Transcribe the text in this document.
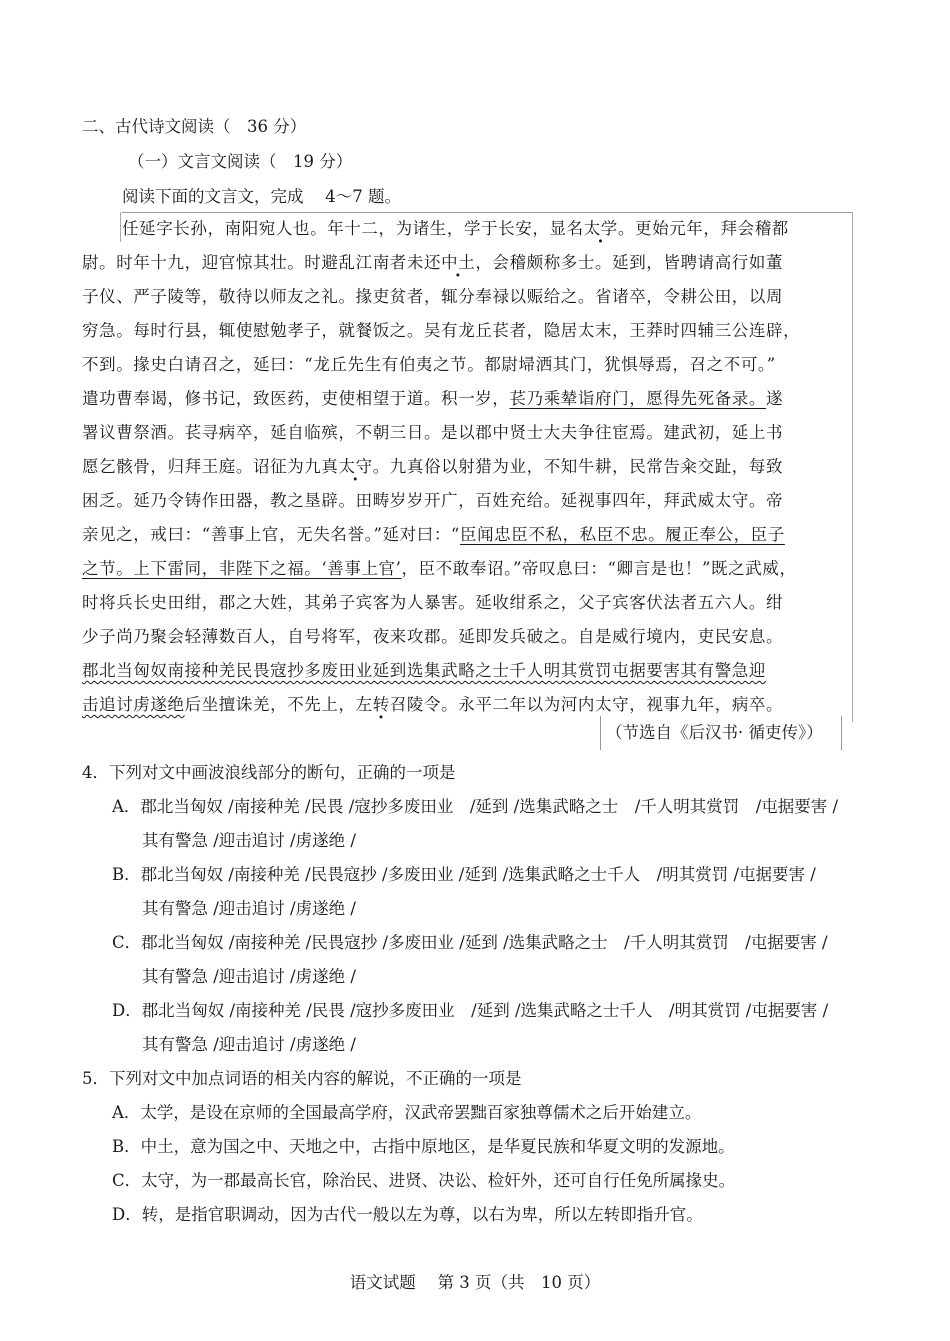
二、古代诗文阅读（　36 分）
（一）文言文阅读（　19 分）
阅读下面的文言文，完成　 4～7 题。
任延字长孙，南阳宛人也。年十二，为诸生，学于长安，显名太学。更始元年，拜会稽都
尉。时年十九，迎官惊其壮。时避乱江南者未还中土，会稽颇称多士。延到，皆聘请高行如董
子仪、严子陵等，敬待以师友之礼。掾吏贫者，辄分奉禄以赈给之。省诸卒，令耕公田，以周
穷急。每时行县，辄使慰勉孝子，就餐饭之。吴有龙丘苌者，隐居太末，王莽时四辅三公连辟，
不到。掾史白请召之，延曰：“龙丘先生有伯夷之节。都尉埽洒其门，犹惧辱焉，召之不可。”
遣功曹奉谒，修书记，致医药，吏使相望于道。积一岁，苌乃乘辇诣府门，愿得先死备录。遂
署议曹祭酒。苌寻病卒，延自临殡，不朝三日。是以郡中贤士大夫争往宦焉。建武初，延上书
愿乞骸骨，归拜王庭。诏征为九真太守。九真俗以射猎为业，不知牛耕，民常告籴交趾，每致
困乏。延乃令铸作田器，教之垦辟。田畴岁岁开广，百姓充给。延视事四年，拜武威太守。帝
亲见之，戒曰：“善事上官，无失名誉。”延对曰：“臣闻忠臣不私，私臣不忠。履正奉公，臣子
之节。上下雷同，非陛下之福。‘善事上官’，臣不敢奉诏。”帝叹息曰：“卿言是也！”既之武威，
时将兵长史田绀，郡之大姓，其弟子宾客为人暴害。延收绀系之，父子宾客伏法者五六人。绀
少子尚乃聚会轻薄数百人，自号将军，夜来攻郡。延即发兵破之。自是威行境内，吏民安息。
郡北当匈奴南接种羌民畏寇抄多废田业延到选集武略之士千人明其赏罚屯据要害其有警急迎
击追讨虏遂绝后坐擅诛羌，不先上，左转召陵令。永平二年以为河内太守，视事九年，病卒。
（节选自《后汉书· 循吏传》）
4．下列对文中画波浪线部分的断句，正确的一项是
A．郡北当匈奴 /南接种羌 /民畏 /寇抄多废田业　/延到 /选集武略之士　/千人明其赏罚　/屯据要害 /
其有警急 /迎击追讨 /虏遂绝 /
B．郡北当匈奴 /南接种羌 /民畏寇抄 /多废田业 /延到 /选集武略之士千人　/明其赏罚 /屯据要害 /
其有警急 /迎击追讨 /虏遂绝 /
C．郡北当匈奴 /南接种羌 /民畏寇抄 /多废田业 /延到 /选集武略之士　/千人明其赏罚　/屯据要害 /
其有警急 /迎击追讨 /虏遂绝 /
D．郡北当匈奴 /南接种羌 /民畏 /寇抄多废田业　/延到 /选集武略之士千人　/明其赏罚 /屯据要害 /
其有警急 /迎击追讨 /虏遂绝 /
5．下列对文中加点词语的相关内容的解说，不正确的一项是
A．太学，是设在京师的全国最高学府，汉武帝罢黜百家独尊儒术之后开始建立。
B．中土，意为国之中、天地之中，古指中原地区，是华夏民族和华夏文明的发源地。
C．太守，为一郡最高长官，除治民、进贤、决讼、检奸外，还可自行任免所属掾史。
D．转，是指官职调动，因为古代一般以左为尊，以右为卑，所以左转即指升官。
语文试题　 第 3 页（共　10 页）
